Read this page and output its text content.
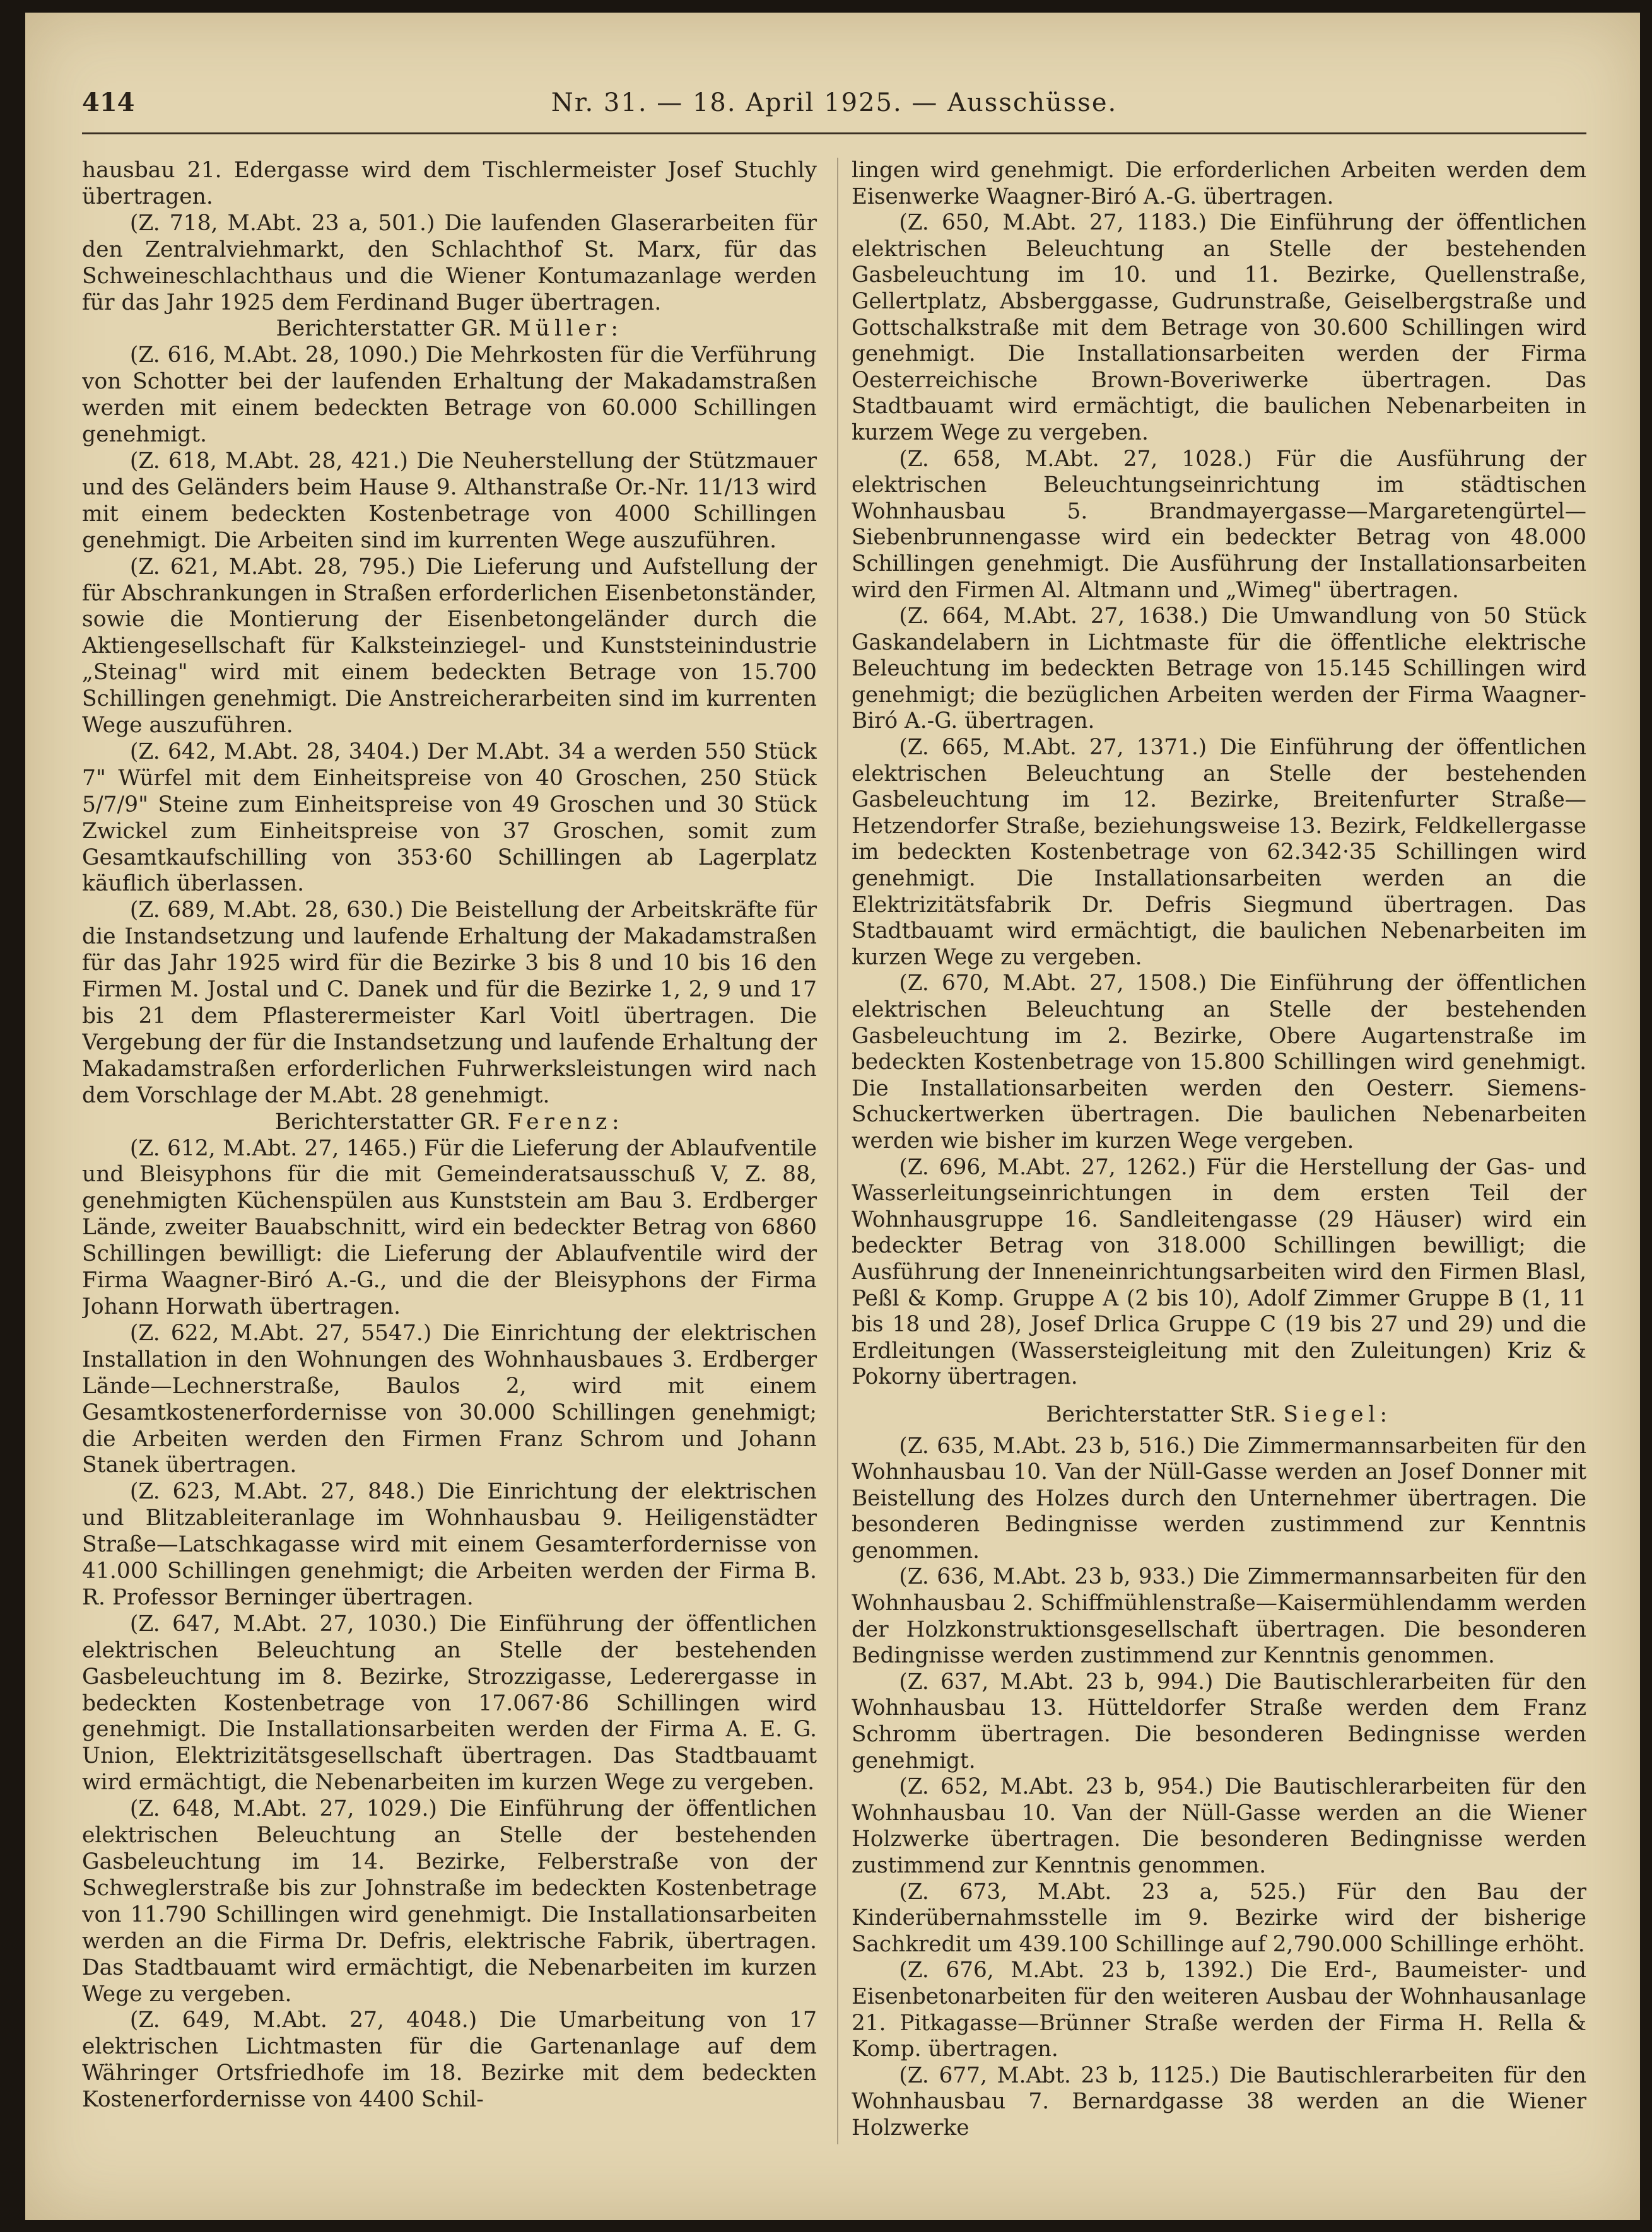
414	Nr. 31. — 18. April 1925. — Ausschüsse.

hausbau 21. Edergasse wird dem Tischlermeister Josef Stuchly übertragen.

(Z. 718, M.Abt. 23 a, 501.) Die laufenden Glaserarbeiten für den Zentralviehmarkt, den Schlachthof St. Marx, für das Schweineschlachthaus und die Wiener Kontumazanlage werden für das Jahr 1925 dem Ferdinand Buger übertragen.

Berichterstatter GR. Müller:

(Z. 616, M.Abt. 28, 1090.) Die Mehrkosten für die Verführung von Schotter bei der laufenden Erhaltung der Makadamstraßen werden mit einem bedeckten Betrage von 60.000 Schillingen genehmigt.

(Z. 618, M.Abt. 28, 421.) Die Neuherstellung der Stützmauer und des Geländers beim Hause 9. Althanstraße Or.-Nr. 11/13 wird mit einem bedeckten Kostenbetrage von 4000 Schillingen genehmigt. Die Arbeiten sind im kurrenten Wege auszuführen.

(Z. 621, M.Abt. 28, 795.) Die Lieferung und Aufstellung der für Abschrankungen in Straßen erforderlichen Eisenbetonständer, sowie die Montierung der Eisenbetongeländer durch die Aktiengesellschaft für Kalksteinziegel- und Kunststeinindustrie „Steinag" wird mit einem bedeckten Betrage von 15.700 Schillingen genehmigt. Die Anstreicherarbeiten sind im kurrenten Wege auszuführen.

(Z. 642, M.Abt. 28, 3404.) Der M.Abt. 34 a werden 550 Stück 7" Würfel mit dem Einheitspreise von 40 Groschen, 250 Stück 5/7/9" Steine zum Einheitspreise von 49 Groschen und 30 Stück Zwickel zum Einheitspreise von 37 Groschen, somit zum Gesamtkaufschilling von 353·60 Schillingen ab Lagerplatz käuflich überlassen.

(Z. 689, M.Abt. 28, 630.) Die Beistellung der Arbeitskräfte für die Instandsetzung und laufende Erhaltung der Makadamstraßen für das Jahr 1925 wird für die Bezirke 3 bis 8 und 10 bis 16 den Firmen M. Jostal und C. Danek und für die Bezirke 1, 2, 9 und 17 bis 21 dem Pflasterermeister Karl Voitl übertragen. Die Vergebung der für die Instandsetzung und laufende Erhaltung der Makadamstraßen erforderlichen Fuhrwerksleistungen wird nach dem Vorschlage der M.Abt. 28 genehmigt.

Berichterstatter GR. Ferenz:

(Z. 612, M.Abt. 27, 1465.) Für die Lieferung der Ablaufventile und Bleisyphons für die mit Gemeinderatsausschuß V, Z. 88, genehmigten Küchenspülen aus Kunststein am Bau 3. Erdberger Lände, zweiter Bauabschnitt, wird ein bedeckter Betrag von 6860 Schillingen bewilligt: die Lieferung der Ablaufventile wird der Firma Waagner-Biró A.-G., und die der Bleisyphons der Firma Johann Horwath übertragen.

(Z. 622, M.Abt. 27, 5547.) Die Einrichtung der elektrischen Installation in den Wohnungen des Wohnhausbaues 3. Erdberger Lände—Lechnerstraße, Baulos 2, wird mit einem Gesamtkostenerfordernisse von 30.000 Schillingen genehmigt; die Arbeiten werden den Firmen Franz Schrom und Johann Stanek übertragen.

(Z. 623, M.Abt. 27, 848.) Die Einrichtung der elektrischen und Blitzableiteranlage im Wohnhausbau 9. Heiligenstädter Straße—Latschkagasse wird mit einem Gesamterfordernisse von 41.000 Schillingen genehmigt; die Arbeiten werden der Firma B. R. Professor Berninger übertragen.

(Z. 647, M.Abt. 27, 1030.) Die Einführung der öffentlichen elektrischen Beleuchtung an Stelle der bestehenden Gasbeleuchtung im 8. Bezirke, Strozzigasse, Lederergasse in bedeckten Kostenbetrage von 17.067·86 Schillingen wird genehmigt. Die Installationsarbeiten werden der Firma A. E. G. Union, Elektrizitätsgesellschaft übertragen. Das Stadtbauamt wird ermächtigt, die Nebenarbeiten im kurzen Wege zu vergeben.

(Z. 648, M.Abt. 27, 1029.) Die Einführung der öffentlichen elektrischen Beleuchtung an Stelle der bestehenden Gasbeleuchtung im 14. Bezirke, Felberstraße von der Schweglerstraße bis zur Johnstraße im bedeckten Kostenbetrage von 11.790 Schillingen wird genehmigt. Die Installationsarbeiten werden an die Firma Dr. Defris, elektrische Fabrik, übertragen. Das Stadtbauamt wird ermächtigt, die Nebenarbeiten im kurzen Wege zu vergeben.

(Z. 649, M.Abt. 27, 4048.) Die Umarbeitung von 17 elektrischen Lichtmasten für die Gartenanlage auf dem Währinger Ortsfriedhofe im 18. Bezirke mit dem bedeckten Kostenerfordernisse von 4400 Schil-

lingen wird genehmigt. Die erforderlichen Arbeiten werden dem Eisenwerke Waagner-Biró A.-G. übertragen.

(Z. 650, M.Abt. 27, 1183.) Die Einführung der öffentlichen elektrischen Beleuchtung an Stelle der bestehenden Gasbeleuchtung im 10. und 11. Bezirke, Quellenstraße, Gellertplatz, Absberggasse, Gudrunstraße, Geiselbergstraße und Gottschalkstraße mit dem Betrage von 30.600 Schillingen wird genehmigt. Die Installationsarbeiten werden der Firma Oesterreichische Brown-Boveriwerke übertragen. Das Stadtbauamt wird ermächtigt, die baulichen Nebenarbeiten in kurzem Wege zu vergeben.

(Z. 658, M.Abt. 27, 1028.) Für die Ausführung der elektrischen Beleuchtungseinrichtung im städtischen Wohnhausbau 5. Brandmayergasse—Margaretengürtel—Siebenbrunnengasse wird ein bedeckter Betrag von 48.000 Schillingen genehmigt. Die Ausführung der Installationsarbeiten wird den Firmen Al. Altmann und „Wimeg" übertragen.

(Z. 664, M.Abt. 27, 1638.) Die Umwandlung von 50 Stück Gaskandelabern in Lichtmaste für die öffentliche elektrische Beleuchtung im bedeckten Betrage von 15.145 Schillingen wird genehmigt; die bezüglichen Arbeiten werden der Firma Waagner-Biró A.-G. übertragen.

(Z. 665, M.Abt. 27, 1371.) Die Einführung der öffentlichen elektrischen Beleuchtung an Stelle der bestehenden Gasbeleuchtung im 12. Bezirke, Breitenfurter Straße—Hetzendorfer Straße, beziehungsweise 13. Bezirk, Feldkellergasse im bedeckten Kostenbetrage von 62.342·35 Schillingen wird genehmigt. Die Installationsarbeiten werden an die Elektrizitätsfabrik Dr. Defris Siegmund übertragen. Das Stadtbauamt wird ermächtigt, die baulichen Nebenarbeiten im kurzen Wege zu vergeben.

(Z. 670, M.Abt. 27, 1508.) Die Einführung der öffentlichen elektrischen Beleuchtung an Stelle der bestehenden Gasbeleuchtung im 2. Bezirke, Obere Augartenstraße im bedeckten Kostenbetrage von 15.800 Schillingen wird genehmigt. Die Installationsarbeiten werden den Oesterr. Siemens-Schuckertwerken übertragen. Die baulichen Nebenarbeiten werden wie bisher im kurzen Wege vergeben.

(Z. 696, M.Abt. 27, 1262.) Für die Herstellung der Gas- und Wasserleitungseinrichtungen in dem ersten Teil der Wohnhausgruppe 16. Sandleitengasse (29 Häuser) wird ein bedeckter Betrag von 318.000 Schillingen bewilligt; die Ausführung der Inneneinrichtungsarbeiten wird den Firmen Blasl, Peßl & Komp. Gruppe A (2 bis 10), Adolf Zimmer Gruppe B (1, 11 bis 18 und 28), Josef Drlica Gruppe C (19 bis 27 und 29) und die Erdleitungen (Wassersteigleitung mit den Zuleitungen) Kriz & Pokorny übertragen.

Berichterstatter StR. Siegel:

(Z. 635, M.Abt. 23 b, 516.) Die Zimmermannsarbeiten für den Wohnhausbau 10. Van der Nüll-Gasse werden an Josef Donner mit Beistellung des Holzes durch den Unternehmer übertragen. Die besonderen Bedingnisse werden zustimmend zur Kenntnis genommen.

(Z. 636, M.Abt. 23 b, 933.) Die Zimmermannsarbeiten für den Wohnhausbau 2. Schiffmühlenstraße—Kaisermühlendamm werden der Holzkonstruktionsgesellschaft übertragen. Die besonderen Bedingnisse werden zustimmend zur Kenntnis genommen.

(Z. 637, M.Abt. 23 b, 994.) Die Bautischlerarbeiten für den Wohnhausbau 13. Hütteldorfer Straße werden dem Franz Schromm übertragen. Die besonderen Bedingnisse werden genehmigt.

(Z. 652, M.Abt. 23 b, 954.) Die Bautischlerarbeiten für den Wohnhausbau 10. Van der Nüll-Gasse werden an die Wiener Holzwerke übertragen. Die besonderen Bedingnisse werden zustimmend zur Kenntnis genommen.

(Z. 673, M.Abt. 23 a, 525.) Für den Bau der Kinderübernahmsstelle im 9. Bezirke wird der bisherige Sachkredit um 439.100 Schillinge auf 2,790.000 Schillinge erhöht.

(Z. 676, M.Abt. 23 b, 1392.) Die Erd-, Baumeister- und Eisenbetonarbeiten für den weiteren Ausbau der Wohnhausanlage 21. Pitkagasse—Brünner Straße werden der Firma H. Rella & Komp. übertragen.

(Z. 677, M.Abt. 23 b, 1125.) Die Bautischlerarbeiten für den Wohnhausbau 7. Bernardgasse 38 werden an die Wiener Holzwerke
